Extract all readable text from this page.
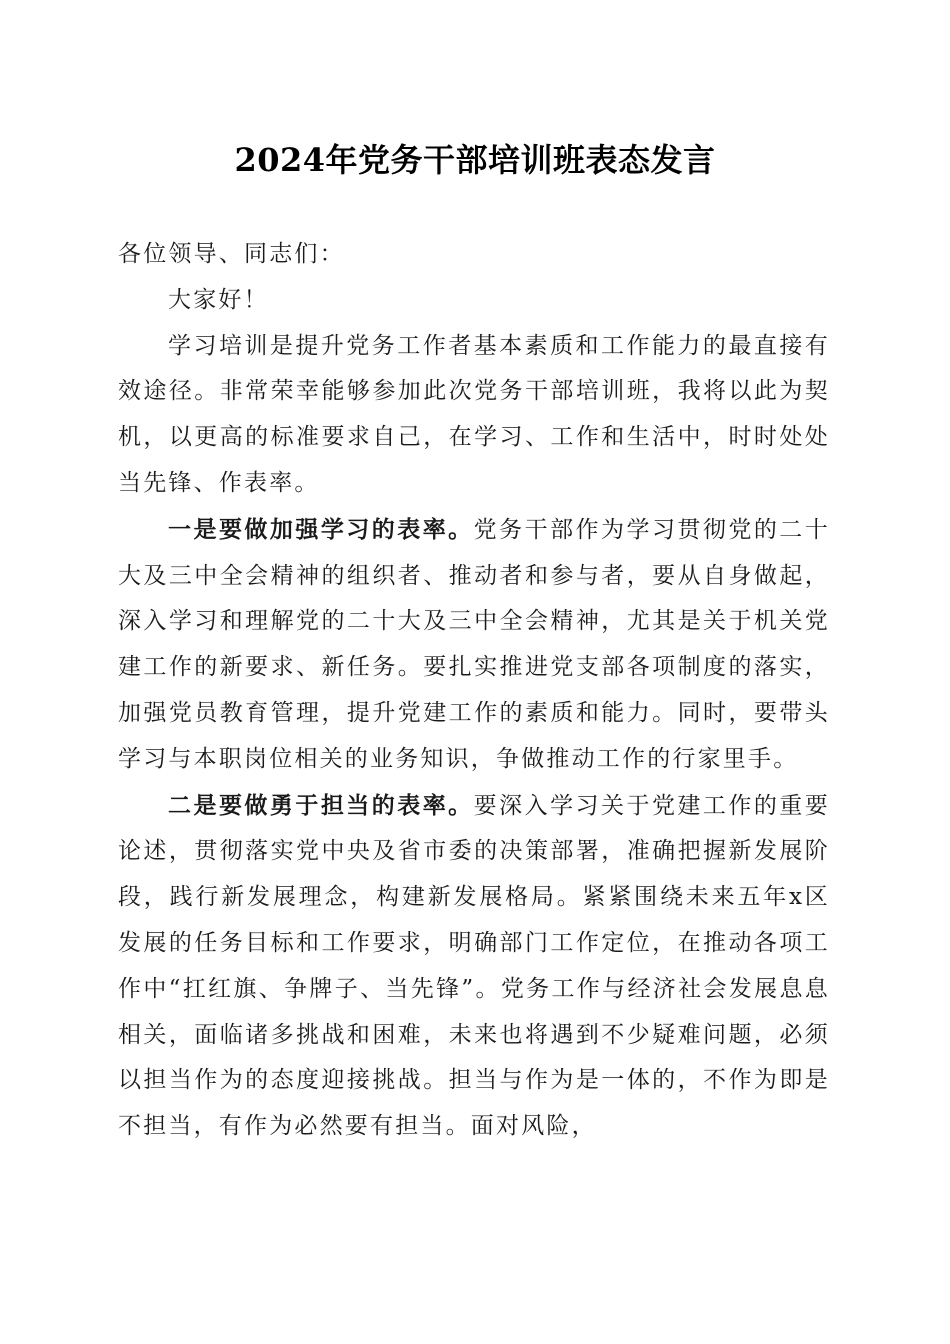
2024年党务干部培训班表态发言

各位领导、同志们：

大家好！

学习培训是提升党务工作者基本素质和工作能力的最直接有效途径。非常荣幸能够参加此次党务干部培训班，我将以此为契机，以更高的标准要求自己，在学习、工作和生活中，时时处处当先锋、作表率。

一是要做加强学习的表率。党务干部作为学习贯彻党的二十大及三中全会精神的组织者、推动者和参与者，要从自身做起，深入学习和理解党的二十大及三中全会精神，尤其是关于机关党建工作的新要求、新任务。要扎实推进党支部各项制度的落实，加强党员教育管理，提升党建工作的素质和能力。同时，要带头学习与本职岗位相关的业务知识，争做推动工作的行家里手。

二是要做勇于担当的表率。要深入学习关于党建工作的重要论述，贯彻落实党中央及省市委的决策部署，准确把握新发展阶段，践行新发展理念，构建新发展格局。紧紧围绕未来五年x区发展的任务目标和工作要求，明确部门工作定位，在推动各项工作中“扛红旗、争牌子、当先锋”。党务工作与经济社会发展息息相关，面临诸多挑战和困难，未来也将遇到不少疑难问题，必须以担当作为的态度迎接挑战。担当与作为是一体的，不作为即是不担当，有作为必然要有担当。面对风险，
